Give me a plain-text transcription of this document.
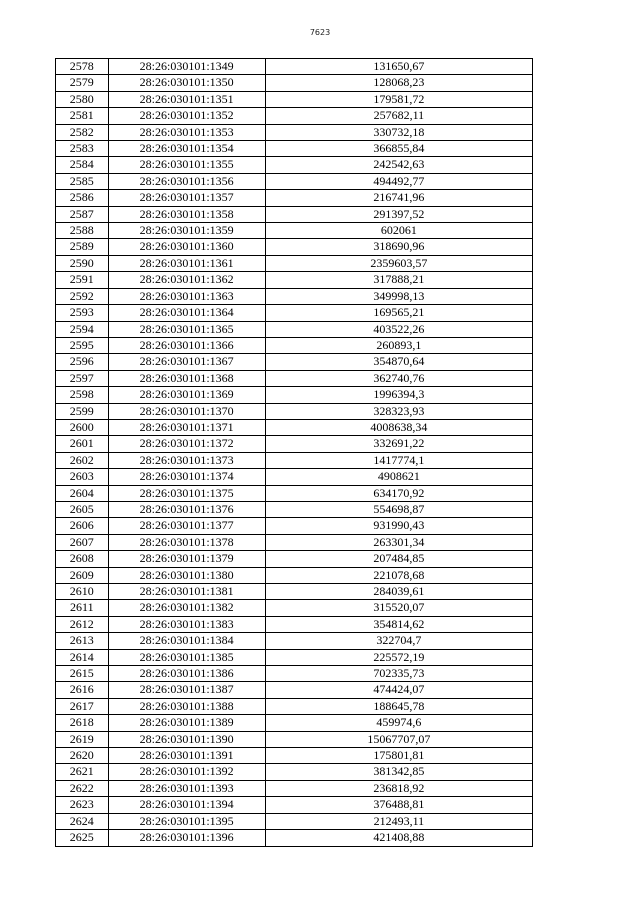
7623
2578	28:26:030101:1349	131650,67
2579	28:26:030101:1350	128068,23
2580	28:26:030101:1351	179581,72
2581	28:26:030101:1352	257682,11
2582	28:26:030101:1353	330732,18
2583	28:26:030101:1354	366855,84
2584	28:26:030101:1355	242542,63
2585	28:26:030101:1356	494492,77
2586	28:26:030101:1357	216741,96
2587	28:26:030101:1358	291397,52
2588	28:26:030101:1359	602061
2589	28:26:030101:1360	318690,96
2590	28:26:030101:1361	2359603,57
2591	28:26:030101:1362	317888,21
2592	28:26:030101:1363	349998,13
2593	28:26:030101:1364	169565,21
2594	28:26:030101:1365	403522,26
2595	28:26:030101:1366	260893,1
2596	28:26:030101:1367	354870,64
2597	28:26:030101:1368	362740,76
2598	28:26:030101:1369	1996394,3
2599	28:26:030101:1370	328323,93
2600	28:26:030101:1371	4008638,34
2601	28:26:030101:1372	332691,22
2602	28:26:030101:1373	1417774,1
2603	28:26:030101:1374	4908621
2604	28:26:030101:1375	634170,92
2605	28:26:030101:1376	554698,87
2606	28:26:030101:1377	931990,43
2607	28:26:030101:1378	263301,34
2608	28:26:030101:1379	207484,85
2609	28:26:030101:1380	221078,68
2610	28:26:030101:1381	284039,61
2611	28:26:030101:1382	315520,07
2612	28:26:030101:1383	354814,62
2613	28:26:030101:1384	322704,7
2614	28:26:030101:1385	225572,19
2615	28:26:030101:1386	702335,73
2616	28:26:030101:1387	474424,07
2617	28:26:030101:1388	188645,78
2618	28:26:030101:1389	459974,6
2619	28:26:030101:1390	15067707,07
2620	28:26:030101:1391	175801,81
2621	28:26:030101:1392	381342,85
2622	28:26:030101:1393	236818,92
2623	28:26:030101:1394	376488,81
2624	28:26:030101:1395	212493,11
2625	28:26:030101:1396	421408,88
